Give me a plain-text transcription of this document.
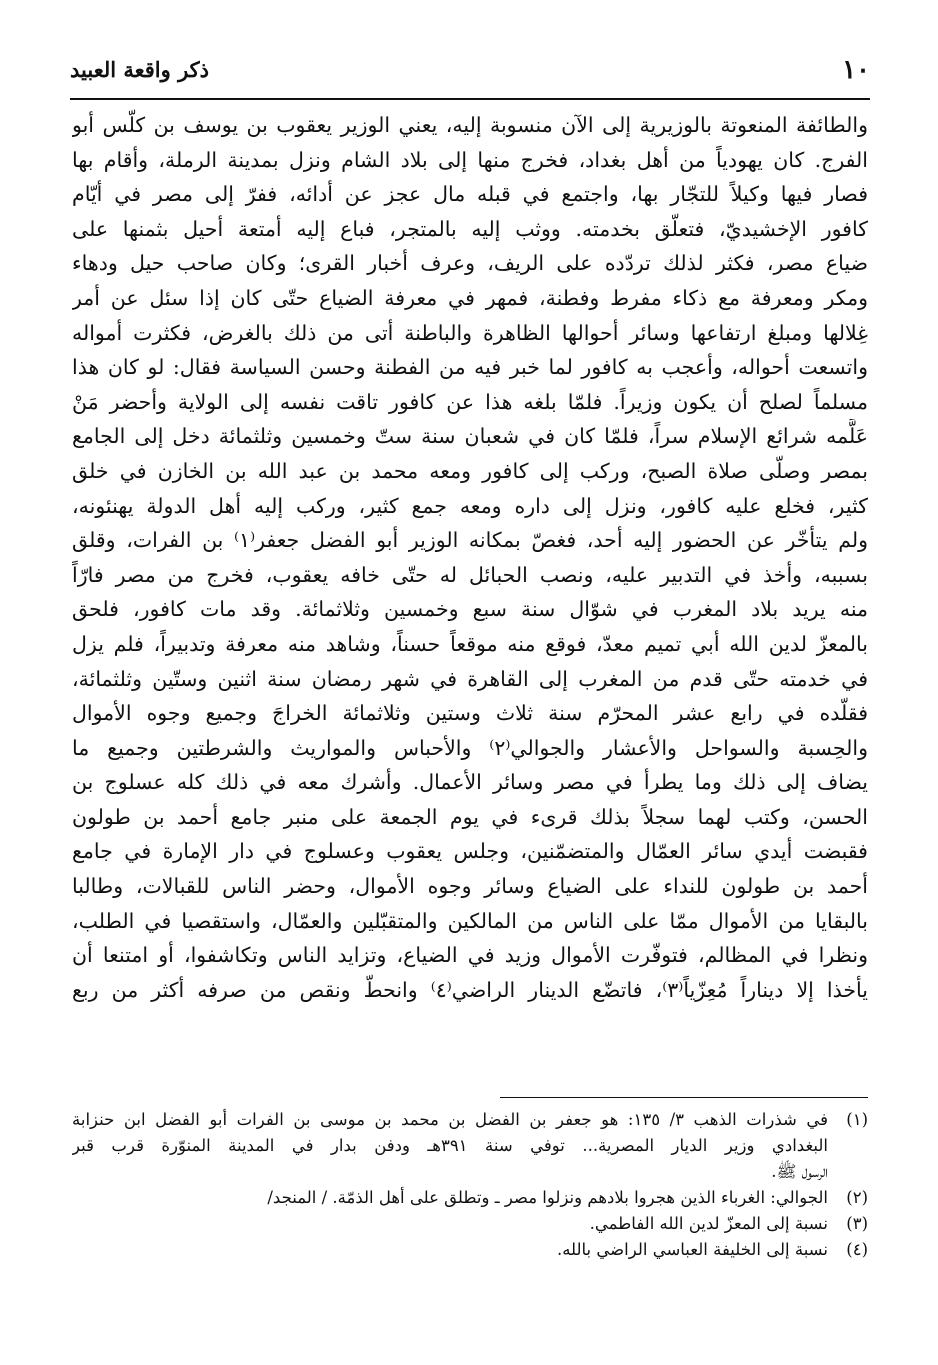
١٠
ذكر واقعة العبيد
والطائفة المنعوتة بالوزيرية إلى الآن منسوبة إليه، يعني الوزير يعقوب بن يوسف بن كلّس أبو
الفرج. كان يهودياً من أهل بغداد، فخرج منها إلى بلاد الشام ونزل بمدينة الرملة، وأقام بها
فصار فيها وكيلاً للتجّار بها، واجتمع في قبله مال عجز عن أدائه، ففرّ إلى مصر في أيّام
كافور الإخشيديّ، فتعلّق بخدمته. ووثب إليه بالمتجر، فباع إليه أمتعة أحيل بثمنها على
ضياع مصر، فكثر لذلك تردّده على الريف، وعرف أخبار القرى؛ وكان صاحب حيل ودهاء
ومكر ومعرفة مع ذكاء مفرط وفطنة، فمهر في معرفة الضياع حتّى كان إذا سئل عن أمر
غِلالها ومبلغ ارتفاعها وسائر أحوالها الظاهرة والباطنة أتى من ذلك بالغرض، فكثرت أمواله
واتسعت أحواله، وأعجب به كافور لما خبر فيه من الفطنة وحسن السياسة فقال: لو كان هذا
مسلماً لصلح أن يكون وزيراً. فلمّا بلغه هذا عن كافور تاقت نفسه إلى الولاية وأحضر مَنْ
عَلَّمه شرائع الإسلام سراً، فلمّا كان في شعبان سنة ستّ وخمسين وثلثمائة دخل إلى الجامع
بمصر وصلّى صلاة الصبح، وركب إلى كافور ومعه محمد بن عبد الله بن الخازن في خلق
كثير، فخلع عليه كافور، ونزل إلى داره ومعه جمع كثير، وركب إليه أهل الدولة يهنئونه،
ولم يتأخّر عن الحضور إليه أحد، فغصّ بمكانه الوزير أبو الفضل جعفر⁽١⁾ بن الفرات، وقلق
بسببه، وأخذ في التدبير عليه، ونصب الحبائل له حتّى خافه يعقوب، فخرج من مصر فارّاً
منه يريد بلاد المغرب في شوّال سنة سبع وخمسين وثلاثمائة. وقد مات كافور، فلحق
بالمعزّ لدين الله أبي تميم معدّ، فوقع منه موقعاً حسناً، وشاهد منه معرفة وتدبيراً، فلم يزل
في خدمته حتّى قدم من المغرب إلى القاهرة في شهر رمضان سنة اثنين وستّين وثلثمائة،
فقلّده في رابع عشر المحرّم سنة ثلاث وستين وثلاثمائة الخراجَ وجميع وجوه الأموال
والحِسبة والسواحل والأعشار والجوالي⁽٢⁾ والأحباس والمواريث والشرطتين وجميع ما
يضاف إلى ذلك وما يطرأ في مصر وسائر الأعمال. وأشرك معه في ذلك كله عسلوج بن
الحسن، وكتب لهما سجلاً بذلك قرىء في يوم الجمعة على منبر جامع أحمد بن طولون
فقبضت أيدي سائر العمّال والمتضمّنين، وجلس يعقوب وعسلوج في دار الإمارة في جامع
أحمد بن طولون للنداء على الضياع وسائر وجوه الأموال، وحضر الناس للقبالات، وطالبا
بالبقايا من الأموال ممّا على الناس من المالكين والمتقبّلين والعمّال، واستقصيا في الطلب،
ونظرا في المظالم، فتوفّرت الأموال وزيد في الضياع، وتزايد الناس وتكاشفوا، أو امتنعا أن
يأخذا إلا ديناراً مُعِزّياً⁽٣⁾، فاتضّع الدينار الراضي⁽٤⁾ وانحطّ ونقص من صرفه أكثر من ربع
(١)
في شذرات الذهب ٣/ ١٣٥: هو جعفر بن الفضل بن محمد بن موسى بن الفرات أبو الفضل ابن حنزابة
البغدادي وزير الديار المصرية... توفي سنة ٣٩١هـ ودفن بدار في المدينة المنوّرة قرب قبر
الرسول ﷺ.
(٢)
الجوالي: الغرباء الذين هجروا بلادهم ونزلوا مصر ـ وتطلق على أهل الذمّة. / المنجد/
(٣)
نسبة إلى المعزّ لدين الله الفاطمي.
(٤)
نسبة إلى الخليفة العباسي الراضي بالله.
